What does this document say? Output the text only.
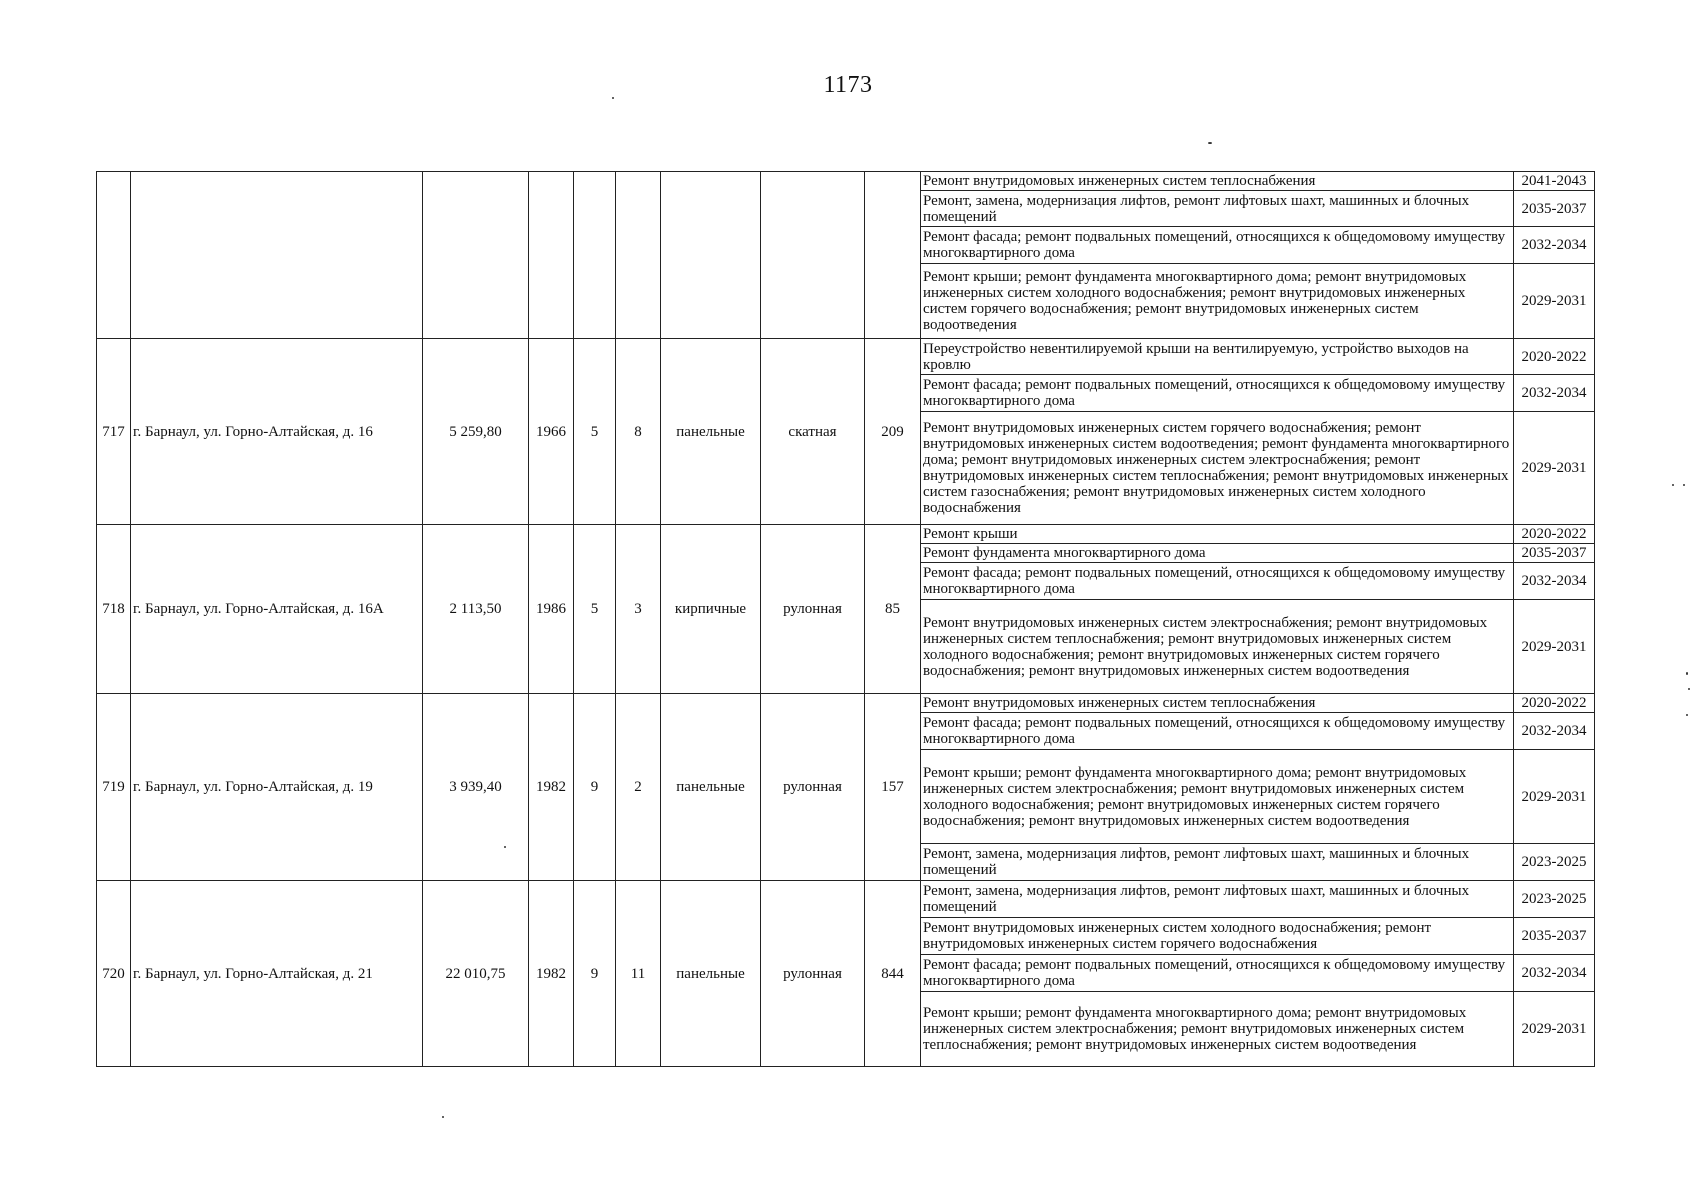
1173
									Ремонт внутридомовых инженерных систем теплоснабжения	2041-2043
									Ремонт, замена, модернизация лифтов, ремонт лифтовых шахт, машинных и блочных помещений	2035-2037
									Ремонт фасада; ремонт подвальных помещений, относящихся к общедомовому имуществу многоквартирного дома	2032-2034
									Ремонт крыши; ремонт фундамента многоквартирного дома; ремонт внутридомовых инженерных систем холодного водоснабжения; ремонт внутридомовых инженерных систем горячего водоснабжения; ремонт внутридомовых инженерных систем водоотведения	2029-2031
717	г. Барнаул, ул. Горно-Алтайская, д. 16	5 259,80	1966	5	8	панельные	скатная	209	Переустройство невентилируемой крыши на вентилируемую, устройство выходов на кровлю	2020-2022
									Ремонт фасада; ремонт подвальных помещений, относящихся к общедомовому имуществу многоквартирного дома	2032-2034
									Ремонт внутридомовых инженерных систем горячего водоснабжения; ремонт внутридомовых инженерных систем водоотведения; ремонт фундамента многоквартирного дома; ремонт внутридомовых инженерных систем электроснабжения; ремонт внутридомовых инженерных систем теплоснабжения; ремонт внутридомовых инженерных систем газоснабжения; ремонт внутридомовых инженерных систем холодного водоснабжения	2029-2031
718	г. Барнаул, ул. Горно-Алтайская, д. 16А	2 113,50	1986	5	3	кирпичные	рулонная	85	Ремонт крыши	2020-2022
									Ремонт фундамента многоквартирного дома	2035-2037
									Ремонт фасада; ремонт подвальных помещений, относящихся к общедомовому имуществу многоквартирного дома	2032-2034
									Ремонт внутридомовых инженерных систем электроснабжения; ремонт внутридомовых инженерных систем теплоснабжения; ремонт внутридомовых инженерных систем холодного водоснабжения; ремонт внутридомовых инженерных систем горячего водоснабжения; ремонт внутридомовых инженерных систем водоотведения	2029-2031
719	г. Барнаул, ул. Горно-Алтайская, д. 19	3 939,40	1982	9	2	панельные	рулонная	157	Ремонт внутридомовых инженерных систем теплоснабжения	2020-2022
									Ремонт фасада; ремонт подвальных помещений, относящихся к общедомовому имуществу многоквартирного дома	2032-2034
									Ремонт крыши; ремонт фундамента многоквартирного дома; ремонт внутридомовых инженерных систем электроснабжения; ремонт внутридомовых инженерных систем холодного водоснабжения; ремонт внутридомовых инженерных систем горячего водоснабжения; ремонт внутридомовых инженерных систем водоотведения	2029-2031
									Ремонт, замена, модернизация лифтов, ремонт лифтовых шахт, машинных и блочных помещений	2023-2025
720	г. Барнаул, ул. Горно-Алтайская, д. 21	22 010,75	1982	9	11	панельные	рулонная	844	Ремонт, замена, модернизация лифтов, ремонт лифтовых шахт, машинных и блочных помещений	2023-2025
									Ремонт внутридомовых инженерных систем холодного водоснабжения; ремонт внутридомовых инженерных систем горячего водоснабжения	2035-2037
									Ремонт фасада; ремонт подвальных помещений, относящихся к общедомовому имуществу многоквартирного дома	2032-2034
									Ремонт крыши; ремонт фундамента многоквартирного дома; ремонт внутридомовых инженерных систем электроснабжения; ремонт внутридомовых инженерных систем теплоснабжения; ремонт внутридомовых инженерных систем водоотведения	2029-2031
